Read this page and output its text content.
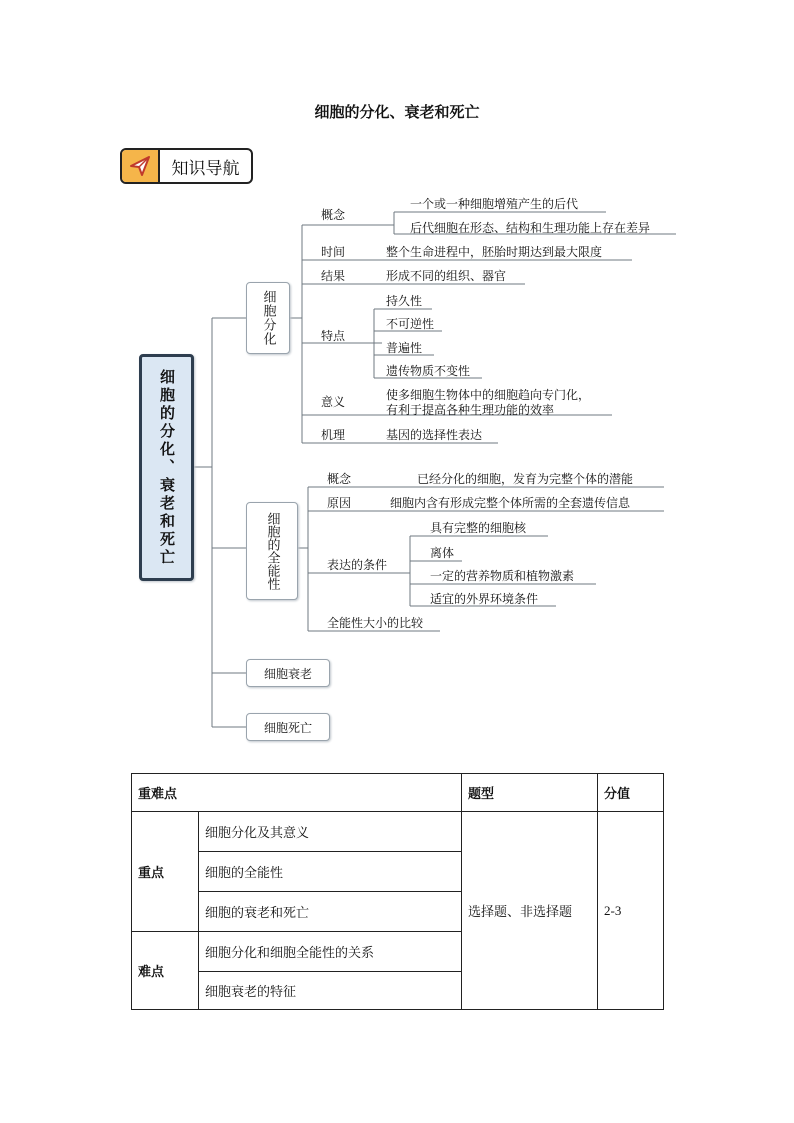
细胞的分化、衰老和死亡
知识导航
细胞的分化、衰老和死亡
细胞分化
细胞的全能性
细胞衰老
细胞死亡
概念
一个或一种细胞增殖产生的后代
后代细胞在形态、结构和生理功能上存在差异
时间	整个生命进程中，胚胎时期达到最大限度
结果	形成不同的组织、器官
特点
持久性
不可逆性
普遍性
遗传物质不变性
意义	使多细胞生物体中的细胞趋向专门化，
有利于提高各种生理功能的效率
机理	基因的选择性表达
概念	已经分化的细胞，发育为完整个体的潜能
原因	细胞内含有形成完整个体所需的全套遗传信息
表达的条件
具有完整的细胞核
离体
一定的营养物质和植物激素
适宜的外界环境条件
全能性大小的比较
重难点		题型	分值
重点	细胞分化及其意义	选择题、非选择题	2-3
	细胞的全能性		
	细胞的衰老和死亡		
难点	细胞分化和细胞全能性的关系		
	细胞衰老的特征		
